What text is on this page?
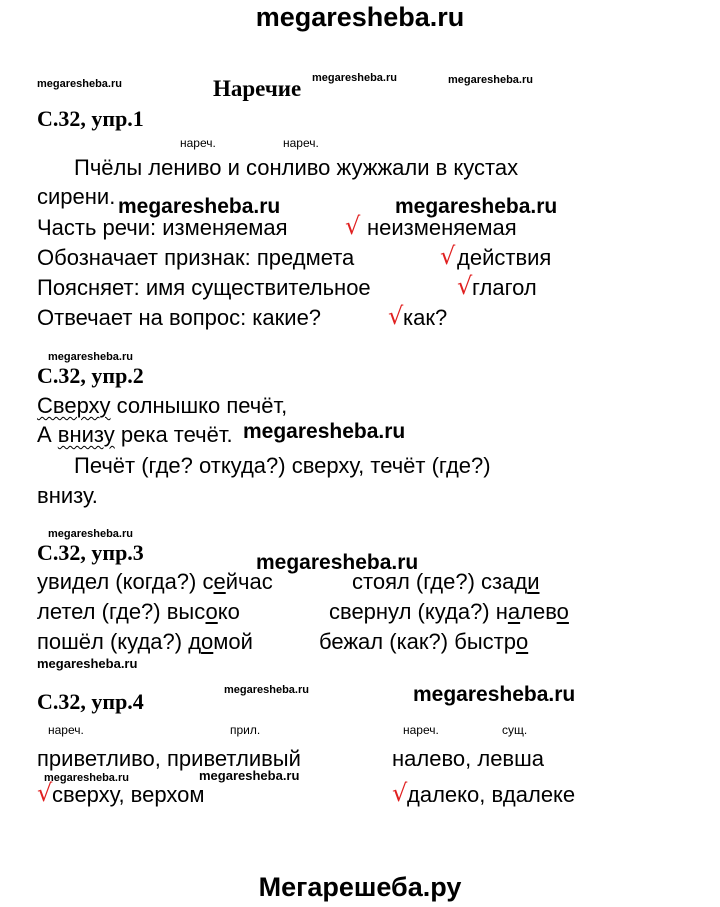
megaresheba.ru
megaresheba.ru	Наречие megaresheba.ru	megaresheba.ru
С.32, упр.1
нареч.	нареч.
Пчёлы лениво и сонливо жужжали в кустах
сирени. megaresheba.ru	megaresheba.ru
Часть речи: изменяемая √ неизменяемая
Обозначает признак: предмета	√ действия
Поясняет: имя существительное	√ глагол
Отвечает на вопрос: какие?	√ как?
megaresheba.ru
С.32, упр.2
Сверху солнышко печёт,
А внизу река течёт. megaresheba.ru
Печёт (где? откуда?) сверху, течёт (где?)
внизу.
megaresheba.ru
С.32, упр.3	megaresheba.ru
увидел (когда?) сейчас	стоял (где?) сзади
летел (где?) высоко	свернул (куда?) налево
пошёл (куда?) домой	бежал (как?) быстро
megaresheba.ru
megaresheba.ru	megaresheba.ru
С.32, упр.4
нареч.	прил.	нареч.	сущ.
приветливо, приветливый	налево, левша
megaresheba.ru	megaresheba.ru
√ сверху, верхом	√ далеко, вдалеке
Мегарешеба.ру
